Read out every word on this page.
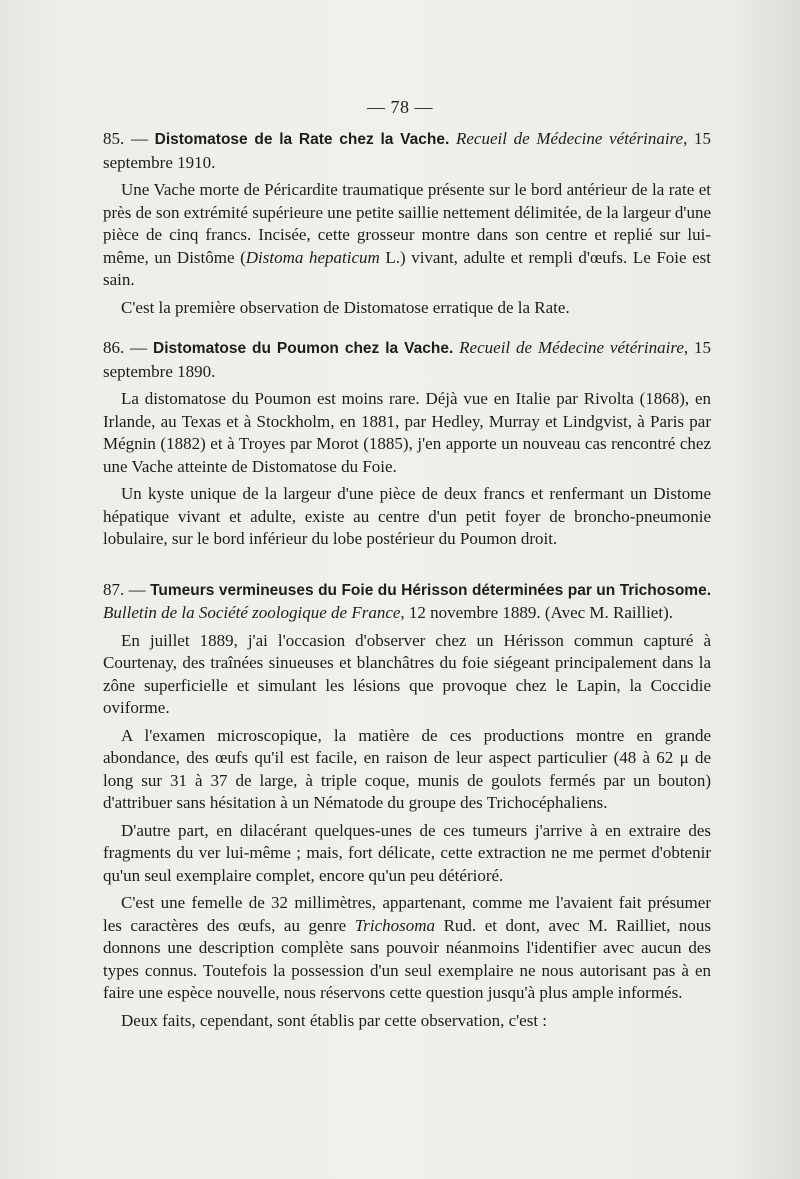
— 78 —
85. — Distomatose de la Rate chez la Vache. Recueil de Médecine vétérinaire, 15 septembre 1910.

Une Vache morte de Péricardite traumatique présente sur le bord antérieur de la rate et près de son extrémité supérieure une petite saillie nettement délimitée, de la largeur d'une pièce de cinq francs. Incisée, cette grosseur montre dans son centre et replié sur lui-même, un Distôme (Distoma hepaticum L.) vivant, adulte et rempli d'œufs. Le Foie est sain.

C'est la première observation de Distomatose erratique de la Rate.

86. — Distomatose du Poumon chez la Vache. Recueil de Médecine vétérinaire, 15 septembre 1890.

La distomatose du Poumon est moins rare. Déjà vue en Italie par Rivolta (1868), en Irlande, au Texas et à Stockholm, en 1881, par Hedley, Murray et Lindgvist, à Paris par Mégnin (1882) et à Troyes par Morot (1885), j'en apporte un nouveau cas rencontré chez une Vache atteinte de Distomatose du Foie.

Un kyste unique de la largeur d'une pièce de deux francs et renfermant un Distome hépatique vivant et adulte, existe au centre d'un petit foyer de broncho-pneumonie lobulaire, sur le bord inférieur du lobe postérieur du Poumon droit.

87. — Tumeurs vermineuses du Foie du Hérisson déterminées par un Trichosome. Bulletin de la Société zoologique de France, 12 novembre 1889. (Avec M. Railliet).

En juillet 1889, j'ai l'occasion d'observer chez un Hérisson commun capturé à Courtenay, des traînées sinueuses et blanchâtres du foie siégeant principalement dans la zône superficielle et simulant les lésions que provoque chez le Lapin, la Coccidie oviforme.

A l'examen microscopique, la matière de ces productions montre en grande abondance, des œufs qu'il est facile, en raison de leur aspect particulier (48 à 62 μ de long sur 31 à 37 de large, à triple coque, munis de goulots fermés par un bouton) d'attribuer sans hésitation à un Nématode du groupe des Trichocéphaliens.

D'autre part, en dilacérant quelques-unes de ces tumeurs j'arrive à en extraire des fragments du ver lui-même ; mais, fort délicate, cette extraction ne me permet d'obtenir qu'un seul exemplaire complet, encore qu'un peu détérioré.

C'est une femelle de 32 millimètres, appartenant, comme me l'avaient fait présumer les caractères des œufs, au genre Trichosoma Rud. et dont, avec M. Railliet, nous donnons une description complète sans pouvoir néanmoins l'identifier avec aucun des types connus. Toutefois la possession d'un seul exemplaire ne nous autorisant pas à en faire une espèce nouvelle, nous réservons cette question jusqu'à plus ample informés.

Deux faits, cependant, sont établis par cette observation, c'est :
